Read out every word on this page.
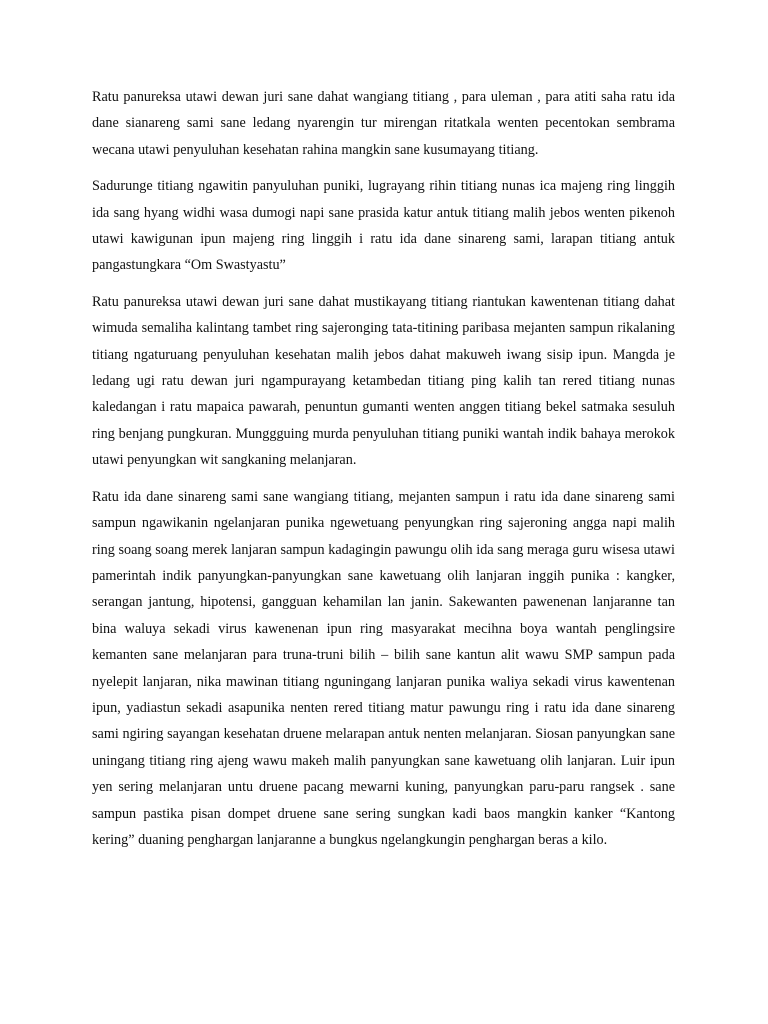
Ratu panureksa utawi dewan juri sane dahat wangiang titiang , para uleman , para atiti saha ratu ida dane sianareng sami sane ledang nyarengin tur mirengan ritatkala wenten pecentokan sembrama wecana utawi penyuluhan kesehatan rahina mangkin sane kusumayang titiang.

Sadurunge titiang ngawitin panyuluhan puniki, lugrayang rihin titiang nunas ica majeng ring linggih ida sang hyang widhi wasa dumogi napi sane prasida katur antuk titiang malih jebos wenten pikenoh utawi kawigunan ipun majeng ring linggih i ratu ida dane sinareng sami, larapan titiang antuk pangastungkara “Om Swastyastu”

Ratu panureksa utawi dewan juri sane dahat mustikayang titiang riantukan kawentenan titiang dahat wimuda semaliha kalintang tambet ring sajeronging tata-titining paribasa mejanten sampun rikalaning titiang ngaturuang penyuluhan kesehatan malih jebos dahat makuweh iwang sisip ipun. Mangda je ledang ugi ratu dewan juri ngampurayang ketambedan titiang ping kalih tan rered titiang nunas kaledangan i ratu mapaica pawarah, penuntun gumanti wenten anggen titiang bekel satmaka sesuluh ring benjang pungkuran. Munggguing murda penyuluhan titiang puniki wantah indik bahaya merokok utawi penyungkan wit sangkaning melanjaran.

Ratu ida dane sinareng sami sane wangiang titiang, mejanten sampun i ratu ida dane sinareng sami sampun ngawikanin ngelanjaran punika ngewetuang penyungkan ring sajeroning angga napi malih ring soang soang merek lanjaran sampun kadagingin pawungu olih ida sang meraga guru wisesa utawi pamerintah indik panyungkan-panyungkan sane kawetuang olih lanjaran inggih punika : kangker, serangan jantung, hipotensi, gangguan kehamilan lan janin. Sakewanten pawenenan lanjaranne tan bina waluya sekadi virus kawenenan ipun ring masyarakat mecihna boya wantah penglingsire kemanten sane melanjaran para truna-truni bilih – bilih sane kantun alit wawu SMP sampun pada nyelepit lanjaran, nika mawinan titiang nguningang lanjaran punika waliya sekadi virus kawentenan ipun, yadiastun sekadi asapunika nenten rered titiang matur pawungu ring i ratu ida dane sinareng sami ngiring sayangan kesehatan druene melarapan antuk nenten melanjaran. Siosan panyungkan sane uningang titiang ring ajeng wawu makeh malih panyungkan sane kawetuang olih lanjaran. Luir ipun yen sering melanjaran untu druene pacang mewarni kuning, panyungkan paru-paru rangsek . sane sampun pastika pisan dompet druene sane sering sungkan kadi baos mangkin kanker “Kantong kering” duaning penghargan lanjaranne a bungkus ngelangkungin penghargan beras a kilo.
